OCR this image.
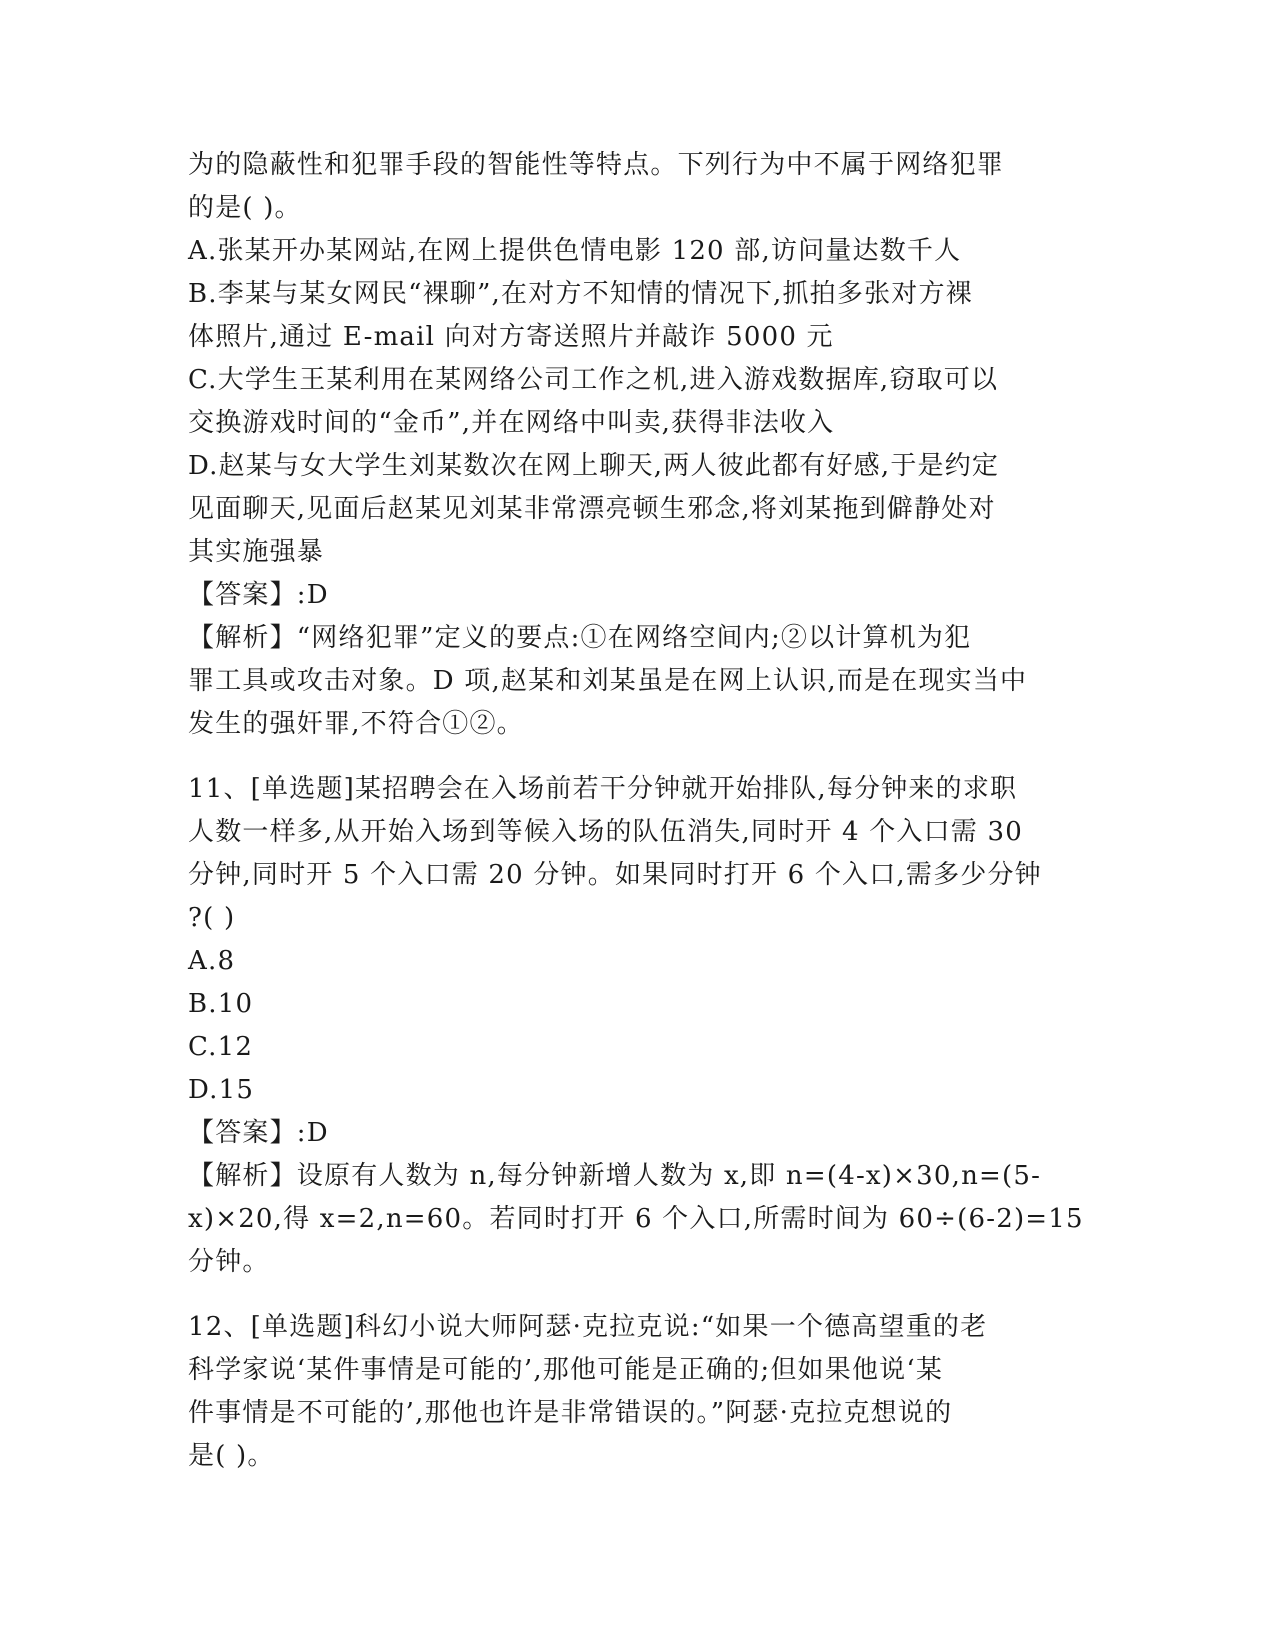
为的隐蔽性和犯罪手段的智能性等特点。下列行为中不属于网络犯罪
的是( )。
A.张某开办某网站,在网上提供色情电影 120 部,访问量达数千人
B.李某与某女网民“裸聊”,在对方不知情的情况下,抓拍多张对方裸
体照片,通过 E-mail 向对方寄送照片并敲诈 5000 元
C.大学生王某利用在某网络公司工作之机,进入游戏数据库,窃取可以
交换游戏时间的“金币”,并在网络中叫卖,获得非法收入
D.赵某与女大学生刘某数次在网上聊天,两人彼此都有好感,于是约定
见面聊天,见面后赵某见刘某非常漂亮顿生邪念,将刘某拖到僻静处对
其实施强暴
【答案】:D
【解析】“网络犯罪”定义的要点:①在网络空间内;②以计算机为犯
罪工具或攻击对象。D 项,赵某和刘某虽是在网上认识,而是在现实当中
发生的强奸罪,不符合①②。
11、[单选题]某招聘会在入场前若干分钟就开始排队,每分钟来的求职
人数一样多,从开始入场到等候入场的队伍消失,同时开 4 个入口需 30
分钟,同时开 5 个入口需 20 分钟。如果同时打开 6 个入口,需多少分钟
?( )
A.8
B.10
C.12
D.15
【答案】:D
【解析】设原有人数为 n,每分钟新增人数为 x,即 n=(4-x)×30,n=(5-
x)×20,得 x=2,n=60。若同时打开 6 个入口,所需时间为 60÷(6-2)=15
分钟。
12、[单选题]科幻小说大师阿瑟·克拉克说:“如果一个德高望重的老
科学家说‘某件事情是可能的’,那他可能是正确的;但如果他说‘某
件事情是不可能的’,那他也许是非常错误的。”阿瑟·克拉克想说的
是( )。
